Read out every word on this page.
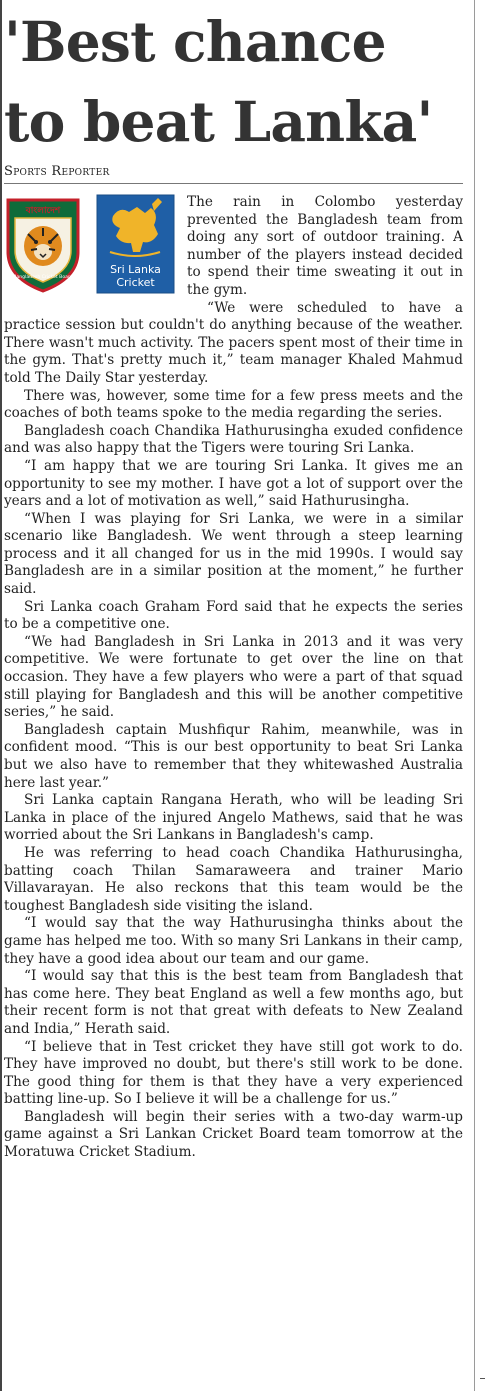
'Best chance
to beat Lanka'
Sports Reporter
বাংলাদেশ
Bangladesh Cricket Board
Sri Lanka
Cricket

The rain in Colombo yesterday prevented the Bangladesh team from doing any sort of outdoor training. A number of the players instead decided to spend their time sweating it out in the gym.

“We were scheduled to have a practice session but couldn't do anything because of the weather. There wasn't much activity. The pacers spent most of their time in the gym. That's pretty much it,” team manager Khaled Mahmud told The Daily Star yesterday.

There was, however, some time for a few press meets and the coaches of both teams spoke to the media regarding the series.

Bangladesh coach Chandika Hathurusingha exuded confidence and was also happy that the Tigers were touring Sri Lanka.

“I am happy that we are touring Sri Lanka. It gives me an opportunity to see my mother. I have got a lot of support over the years and a lot of motivation as well,” said Hathurusingha.

“When I was playing for Sri Lanka, we were in a similar scenario like Bangladesh. We went through a steep learning process and it all changed for us in the mid 1990s. I would say Bangladesh are in a similar position at the moment,” he further said.

Sri Lanka coach Graham Ford said that he expects the series to be a competitive one.

“We had Bangladesh in Sri Lanka in 2013 and it was very competitive. We were fortunate to get over the line on that occasion. They have a few players who were a part of that squad still playing for Bangladesh and this will be another competitive series,” he said.

Bangladesh captain Mushfiqur Rahim, meanwhile, was in confident mood. “This is our best opportunity to beat Sri Lanka but we also have to remember that they whitewashed Australia here last year.”

Sri Lanka captain Rangana Herath, who will be leading Sri Lanka in place of the injured Angelo Mathews, said that he was worried about the Sri Lankans in Bangladesh's camp.

He was referring to head coach Chandika Hathurusingha, batting coach Thilan Samaraweera and trainer Mario Villavarayan. He also reckons that this team would be the toughest Bangladesh side visiting the island.

“I would say that the way Hathurusingha thinks about the game has helped me too. With so many Sri Lankans in their camp, they have a good idea about our team and our game.

“I would say that this is the best team from Bangladesh that has come here. They beat England as well a few months ago, but their recent form is not that great with defeats to New Zealand and India,” Herath said.

“I believe that in Test cricket they have still got work to do. They have improved no doubt, but there's still work to be done. The good thing for them is that they have a very experienced batting line-up. So I believe it will be a challenge for us.”

Bangladesh will begin their series with a two-day warm-up game against a Sri Lankan Cricket Board team tomorrow at the Moratuwa Cricket Stadium.
